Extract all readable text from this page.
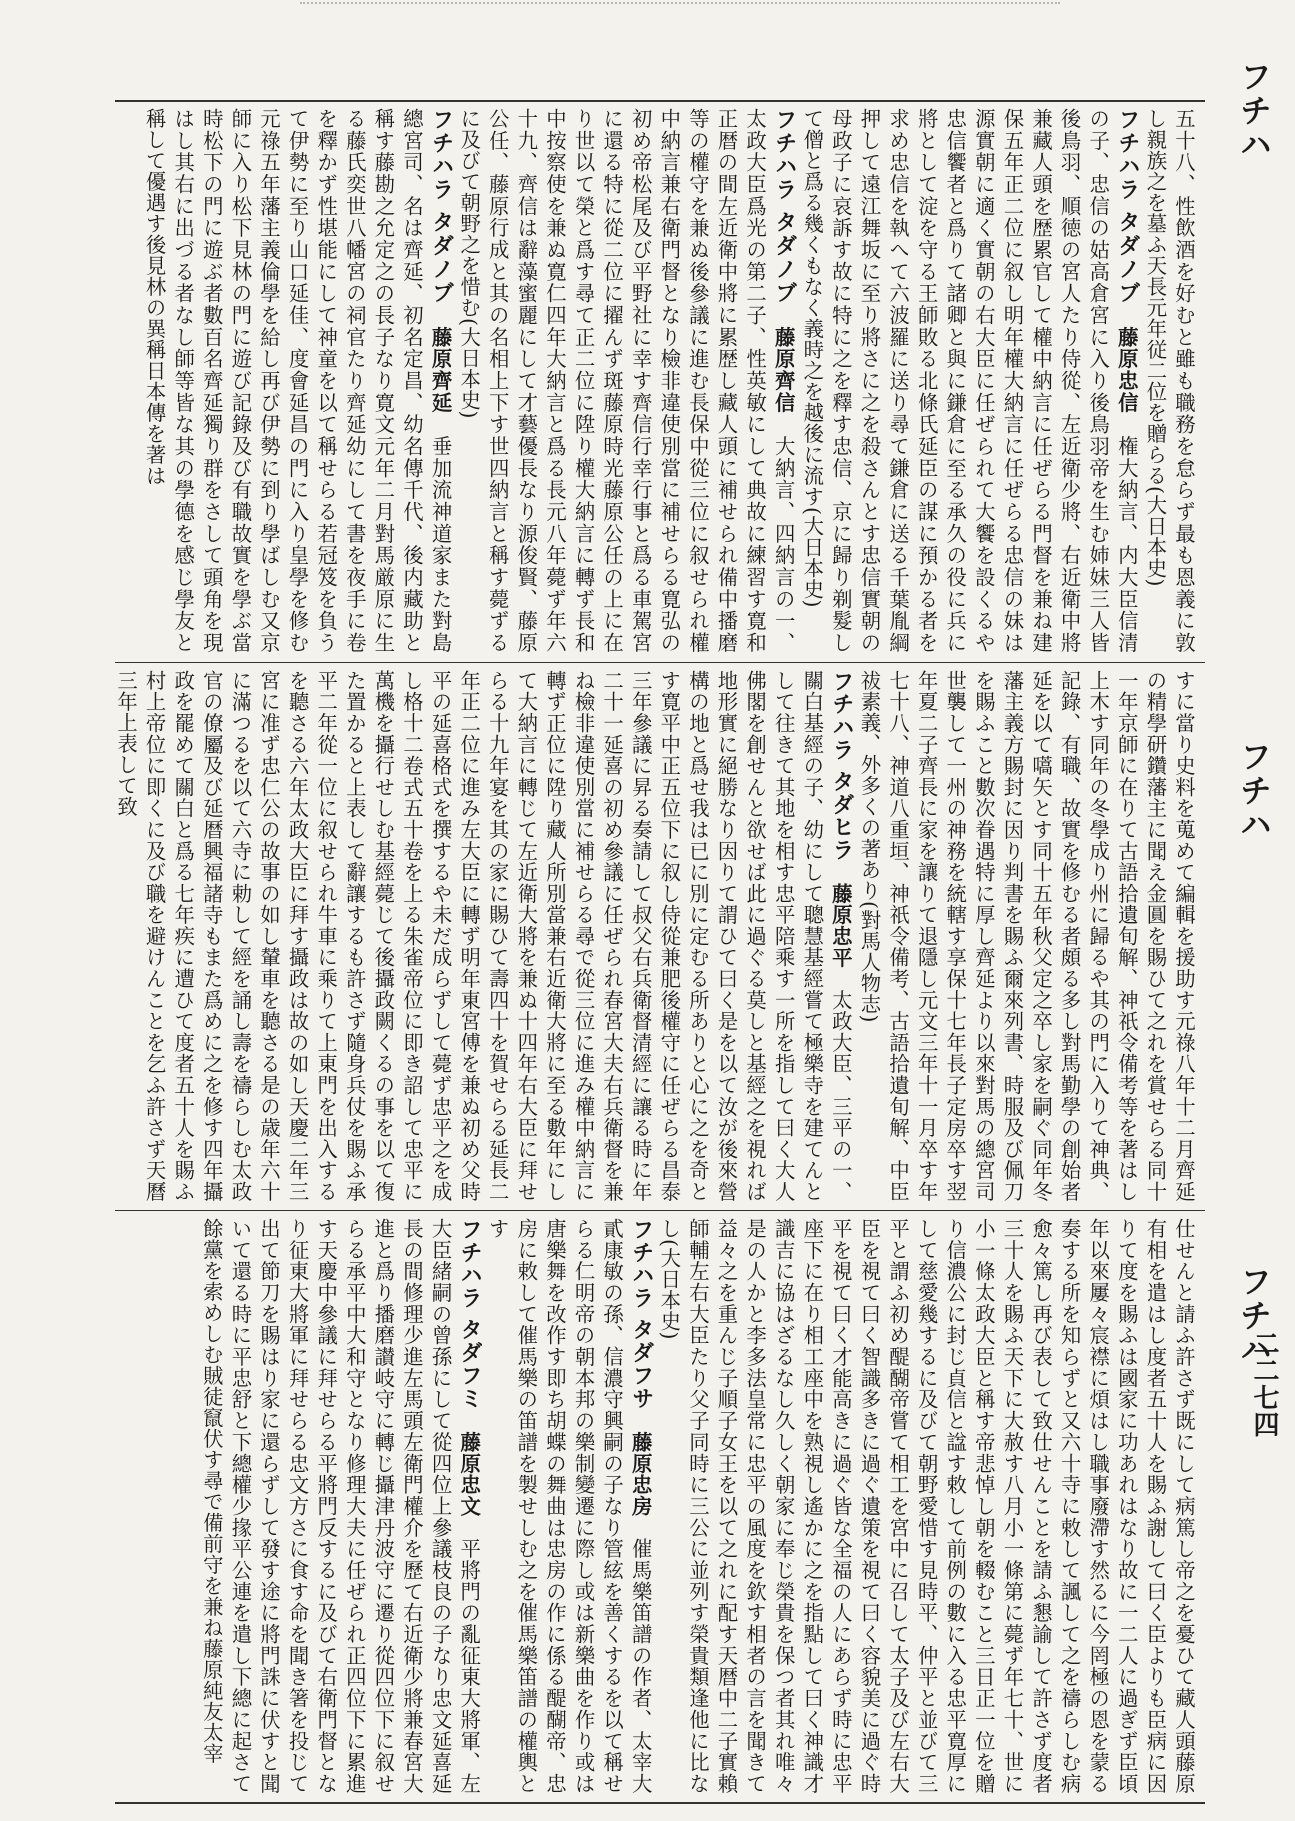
フチハ
フチハ
フチハ
二二七四
五十八、性飲酒を好むと雖も職務を怠らず最も恩義に敦し親族之を墓ふ天長元年従二位を贈らる(大日本史)
フチハラ タダノブ　藤原忠信　権大納言、内大臣信清の子、忠信の姑高倉宮に入り後鳥羽帝を生む姉妹三人皆後鳥羽、順徳の宮人たり侍從、左近衛少將、右近衛中將兼藏人頭を歴累官して權中納言に任ぜらる門督を兼ね建保五年正二位に叙し明年權大納言に任ぜらる忠信の妹は源實朝に適く實朝の右大臣に任ぜられて大饗を設くるや忠信饗者と爲りて諸卿と與に鎌倉に至る承久の役に兵に將として淀を守る王師敗る北條氏延臣の謀に預かる者を求め忠信を執へて六波羅に送り尋て鎌倉に送る千葉胤綱押して遠江舞坂に至り將さに之を殺さんとす忠信實朝の母政子に哀訴す故に特に之を釋す忠信、京に歸り剃髮して僧と爲る幾くもなく義時之を越後に流す(大日本史)
フチハラ タダノブ　藤原齊信　大納言、四納言の一、太政大臣爲光の第二子、性英敏にして典故に練習す寛和正暦の間左近衛中將に累歴し藏人頭に補せられ備中播磨等の權守を兼ぬ後參議に進む長保中從三位に叙せられ權中納言兼右衛門督となり檢非違使別當に補せらる寛弘の初め帝松尾及び平野社に幸す齊信行幸行事と爲る車駕宮に還る特に從二位に擢んず斑藤原時光藤原公任の上に在り世以て榮と爲す尋て正二位に陞り權大納言に轉ず長和中按察使を兼ぬ寛仁四年大納言と爲る長元八年薨ず年六十九、齊信は辭藻蜜麗にして才藝優長なり源俊賢、藤原公任、藤原行成と其の名相上下す世四納言と稱す薨ずるに及びて朝野之を惜む(大日本史)
フチハラ タダノブ　藤原齊延　垂加流神道家また對島總宮司、名は齊延、初名定昌、幼名傳千代、後内藏助と稱す藤勘之允定之の長子なり寛文元年二月對馬厳原に生る藤氏奕世八幡宮の祠官たり齊延幼にして書を夜手に卷を釋かず性堪能にして神童を以て稱せらる若冠笈を負うて伊勢に至り山口延佳、度會延昌の門に入り皇學を修む元祿五年藩主義倫學を給し再び伊勢に到り學ばしむ又京師に入り松下見林の門に遊び記錄及び有職故實を學ぶ當時松下の門に遊ぶ者數百名齊延獨り群をさして頭角を現はし其右に出づる者なし師等皆な其の學德を感じ學友と稱して優遇す後見林の異稱日本傳を著は
すに當り史料を蒐めて編輯を援助す元祿八年十二月齊延の精學研鑽藩主に聞え金圓を賜ひて之れを賞せらる同十一年京師に在りて古語拾遺旬解、神祇令備考等を著はし上木す同年の冬學成り州に歸るや其の門に入りて神典、記錄、有職、故實を修むる者頗る多し對馬勤學の創始者延を以て嚆矢とす同十五年秋父定之卒し家を嗣ぐ同年冬藩主義方賜封に因り判書を賜ふ爾來列書、時服及び佩刀を賜ふこと數次眷遇特に厚し齊延より以來對馬の總宮司世襲して一州の神務を統轄す享保十七年長子定房卒す翌年夏二子齊長に家を讓りて退隱し元文三年十一月卒す年七十八、神道八重垣、神祇令備考、古語拾遺旬解、中臣祓素義、外多くの著あり(對馬人物志)
フチハラ タダヒラ　藤原忠平　太政大臣、三平の一、關白基經の子、幼にして聰慧基經嘗て極樂寺を建てんとして往きて其地を相す忠平陪乘す一所を指して曰く大人佛閣を創せんと欲せば此に過ぐる莫しと基經之を視れば地形實に絕勝なり因りて謂ひて曰く是を以て汝が後來營構の地と爲せ我は已に別に定むる所ありと心に之を奇とす寛平中正五位下に叙し侍從兼肥後權守に任ぜらる昌泰三年參議に昇る奏請して叔父右兵衛督清經に讓る時に年二十一延喜の初め參議に任ぜられ春宮大夫右兵衛督を兼ね檢非違使別當に補せらる尋で從三位に進み權中納言に轉ず正位に陞り藏人所別當兼右近衛大將に至る數年にして大納言に轉じて左近衛大將を兼ぬ十四年右大臣に拜せらる十九年宴を其の家に賜ひて壽四十を賀せらる延長二年正二位に進み左大臣に轉ず明年東宮傅を兼ぬ初め父時平の延喜格式を撰するや未だ成らずして薨ず忠平之を成し格十二卷式五十卷を上る朱雀帝位に即き詔して忠平に萬機を攝行せしむ基經薨じて後攝政闕くるの事を以て復た置かると上表して辭讓するも許さず隨身兵仗を賜ふ承平二年從一位に叙せられ牛車に乘りて上東門を出入するを聽さる六年太政大臣に拜す攝政は故の如し天慶二年三宮に准ず忠仁公の故事の如し輦車を聽さる是の歳年六十に滿つるを以て六寺に勅して經を誦し壽を禱らしむ太政官の僚屬及び延暦興福諸寺もまた爲めに之を修す四年攝政を罷めて關白と爲る七年疾に遭ひて度者五十人を賜ふ村上帝位に即くに及び職を避けんことを乞ふ許さず天曆三年上表して致
仕せんと請ふ許さず既にして病篤し帝之を憂ひて藏人頭藤原有相を遣はし度者五十人を賜ふ謝して曰く臣よりも臣病に因りて度を賜ふは國家に功あれはなり故に一二人に過ぎず臣頃年以來屢々宸襟に煩はし職事廢滯す然るに今罔極の恩を蒙る奏する所を知らずと又六十寺に敕して諷して之を禱らしむ病愈々篤し再び表して致仕せんことを請ふ懇諭して許さず度者三十人を賜ふ天下に大赦す八月小一條第に薨ず年七十、世に小一條太政大臣と稱す帝悲悼し朝を輟むこと三日正一位を贈り信濃公に封じ貞信と諡す敕して前例の數に入る忠平寛厚にして慈愛幾するに及びて朝野愛惜す見時平、仲平と並びて三平と謂ふ初め醍醐帝嘗て相工を宮中に召して太子及び左右大臣を視て曰く智識多きに過ぐ遺策を視て曰く容貌美に過ぐ時平を視て曰く才能高きに過ぐ皆な全福の人にあらず時に忠平座下に在り相工座中を熟視し遙かに之を指點して曰く神識才識吉に協はざるなし久しく朝家に奉じ榮貴を保つ者其れ唯々是の人かと李多法皇常に忠平の風度を欽す相者の言を聞きて益々之を重んじ子順子女王を以て之れに配す天暦中二子實賴師輔左右大臣たり父子同時に三公に並列す榮貴類逢他に比なし(大日本史)
フチハラ タダフサ　藤原忠房　催馬樂笛譜の作者、太宰大貳康敏の孫、信濃守興嗣の子なり管絃を善くするを以て稱せらる仁明帝の朝本邦の樂制變遷に際し或は新樂曲を作り或は唐樂舞を改作す即ち胡蝶の舞曲は忠房の作に係る醍醐帝、忠房に敕して催馬樂の笛譜を製せしむ之を催馬樂笛譜の權輿とす
フチハラ タダフミ　藤原忠文　平將門の亂征東大將軍、左大臣緒嗣の曾孫にして從四位上參議枝良の子なり忠文延喜延長の間修理少進左馬頭左衛門權介を歷て右近衛少將兼春宮大進と爲り播磨讃岐守に轉じ攝津丹波守に遷り從四位下に叙せらる承平中大和守となり修理大夫に任ぜられ正四位下に累進す天慶中參議に拜せらる平將門反するに及びて右衛門督となり征東大將軍に拜せらる忠文方さに食す命を聞き箸を投じて出て節刀を賜はり家に還らずして發す途に將門誅に伏すと聞いて還る時に平忠舒と下總權少掾平公連を遣し下總に起さて餘黨を索めしむ賊徒竄伏す尋で備前守を兼ね藤原純友太宰
